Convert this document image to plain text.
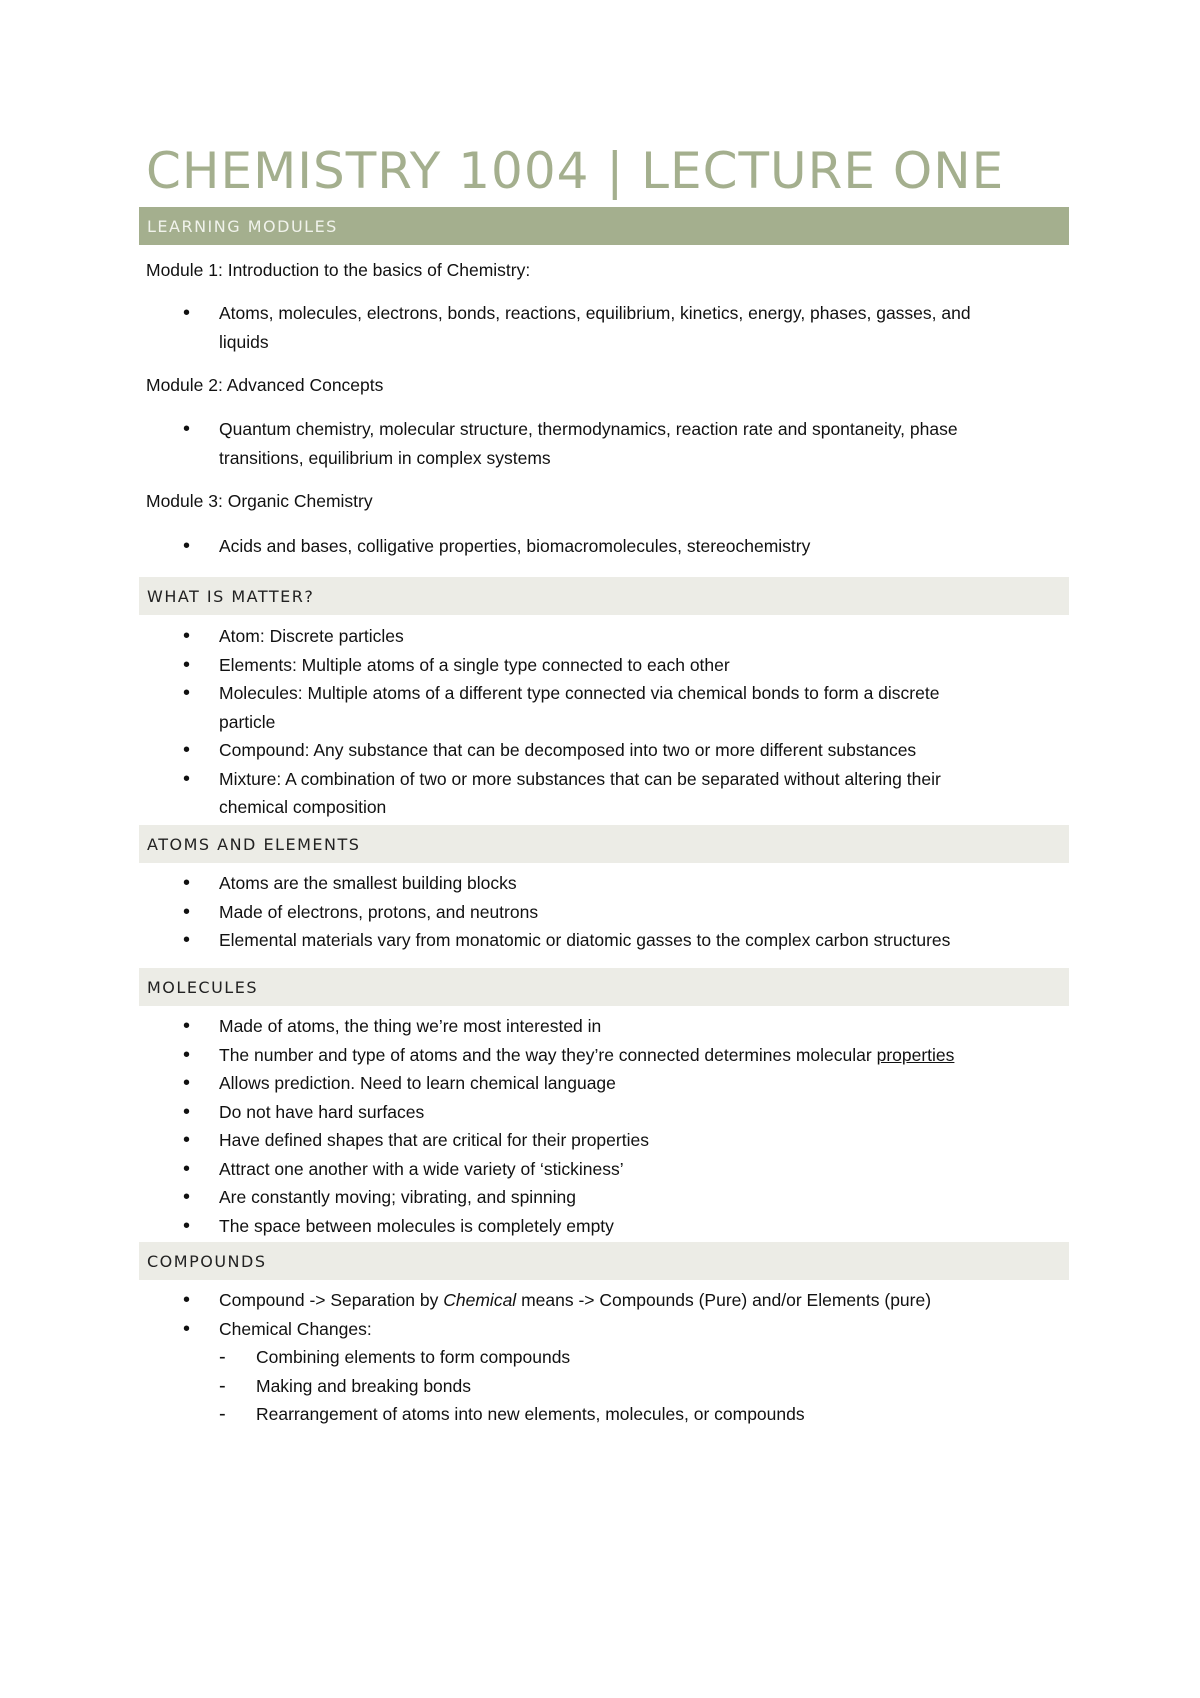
CHEMISTRY 1004 | LECTURE ONE
LEARNING MODULES
Module 1: Introduction to the basics of Chemistry:
• Atoms, molecules, electrons, bonds, reactions, equilibrium, kinetics, energy, phases, gasses, and liquids
Module 2: Advanced Concepts
• Quantum chemistry, molecular structure, thermodynamics, reaction rate and spontaneity, phase transitions, equilibrium in complex systems
Module 3: Organic Chemistry
• Acids and bases, colligative properties, biomacromolecules, stereochemistry
WHAT IS MATTER?
• Atom: Discrete particles
• Elements: Multiple atoms of a single type connected to each other
• Molecules: Multiple atoms of a different type connected via chemical bonds to form a discrete particle
• Compound: Any substance that can be decomposed into two or more different substances
• Mixture: A combination of two or more substances that can be separated without altering their chemical composition
ATOMS AND ELEMENTS
• Atoms are the smallest building blocks
• Made of electrons, protons, and neutrons
• Elemental materials vary from monatomic or diatomic gasses to the complex carbon structures
MOLECULES
• Made of atoms, the thing we’re most interested in
• The number and type of atoms and the way they’re connected determines molecular properties
• Allows prediction. Need to learn chemical language
• Do not have hard surfaces
• Have defined shapes that are critical for their properties
• Attract one another with a wide variety of ‘stickiness’
• Are constantly moving; vibrating, and spinning
• The space between molecules is completely empty
COMPOUNDS
• Compound -> Separation by Chemical means -> Compounds (Pure) and/or Elements (pure)
• Chemical Changes:
- Combining elements to form compounds
- Making and breaking bonds
- Rearrangement of atoms into new elements, molecules, or compounds
